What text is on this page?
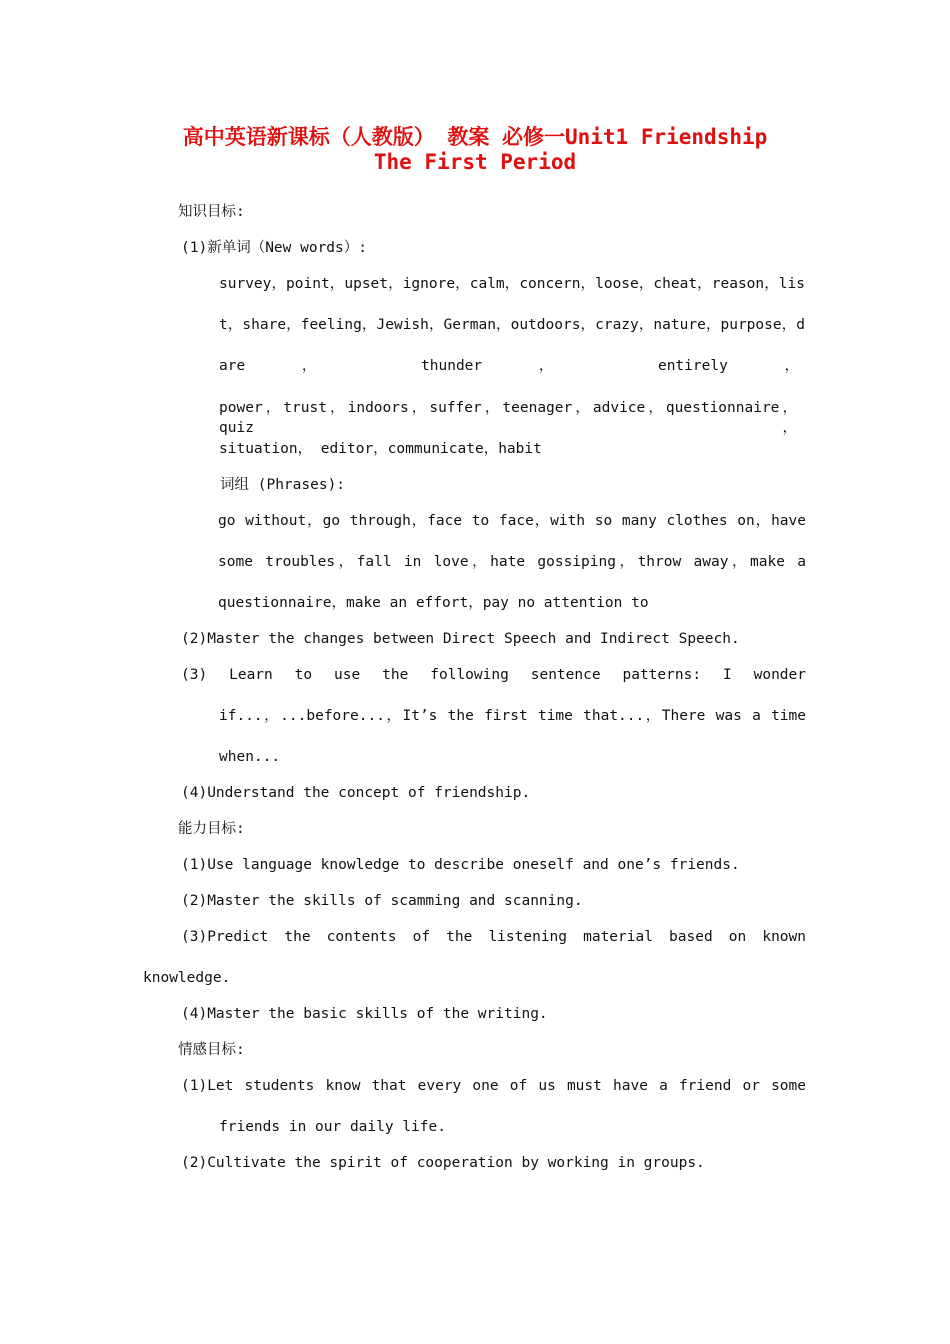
高中英语新课标（人教版） 教案 必修一Unit1 Friendship
The First Period
知识目标:
(1)新单词（New words）:
survey，point，upset，ignore，calm，concern，loose，cheat，reason，lis
t，share，feeling，Jewish，German，outdoors，crazy，nature，purpose，d
are ， thunder ， entirely ，
power，trust，indoors，suffer，teenager，advice，questionnaire，quiz，
situation， editor，communicate，habit
词组 (Phrases):
go without，go through，face to face，with so many clothes on，have
some troubles，fall in love，hate gossiping，throw away，make a
questionnaire，make an effort，pay no attention to
(2)Master the changes between Direct Speech and Indirect Speech.
(3) Learn to use the following sentence patterns: I wonder
if...，...before...，It’s the first time that...，There was a time
when...
(4)Understand the concept of friendship.
能力目标:
(1)Use language knowledge to describe oneself and one’s friends.
(2)Master the skills of scamming and scanning.
(3)Predict the contents of the listening material based on known
knowledge.
(4)Master the basic skills of the writing.
情感目标:
(1)Let students know that every one of us must have a friend or some
friends in our daily life.
(2)Cultivate the spirit of cooperation by working in groups.
